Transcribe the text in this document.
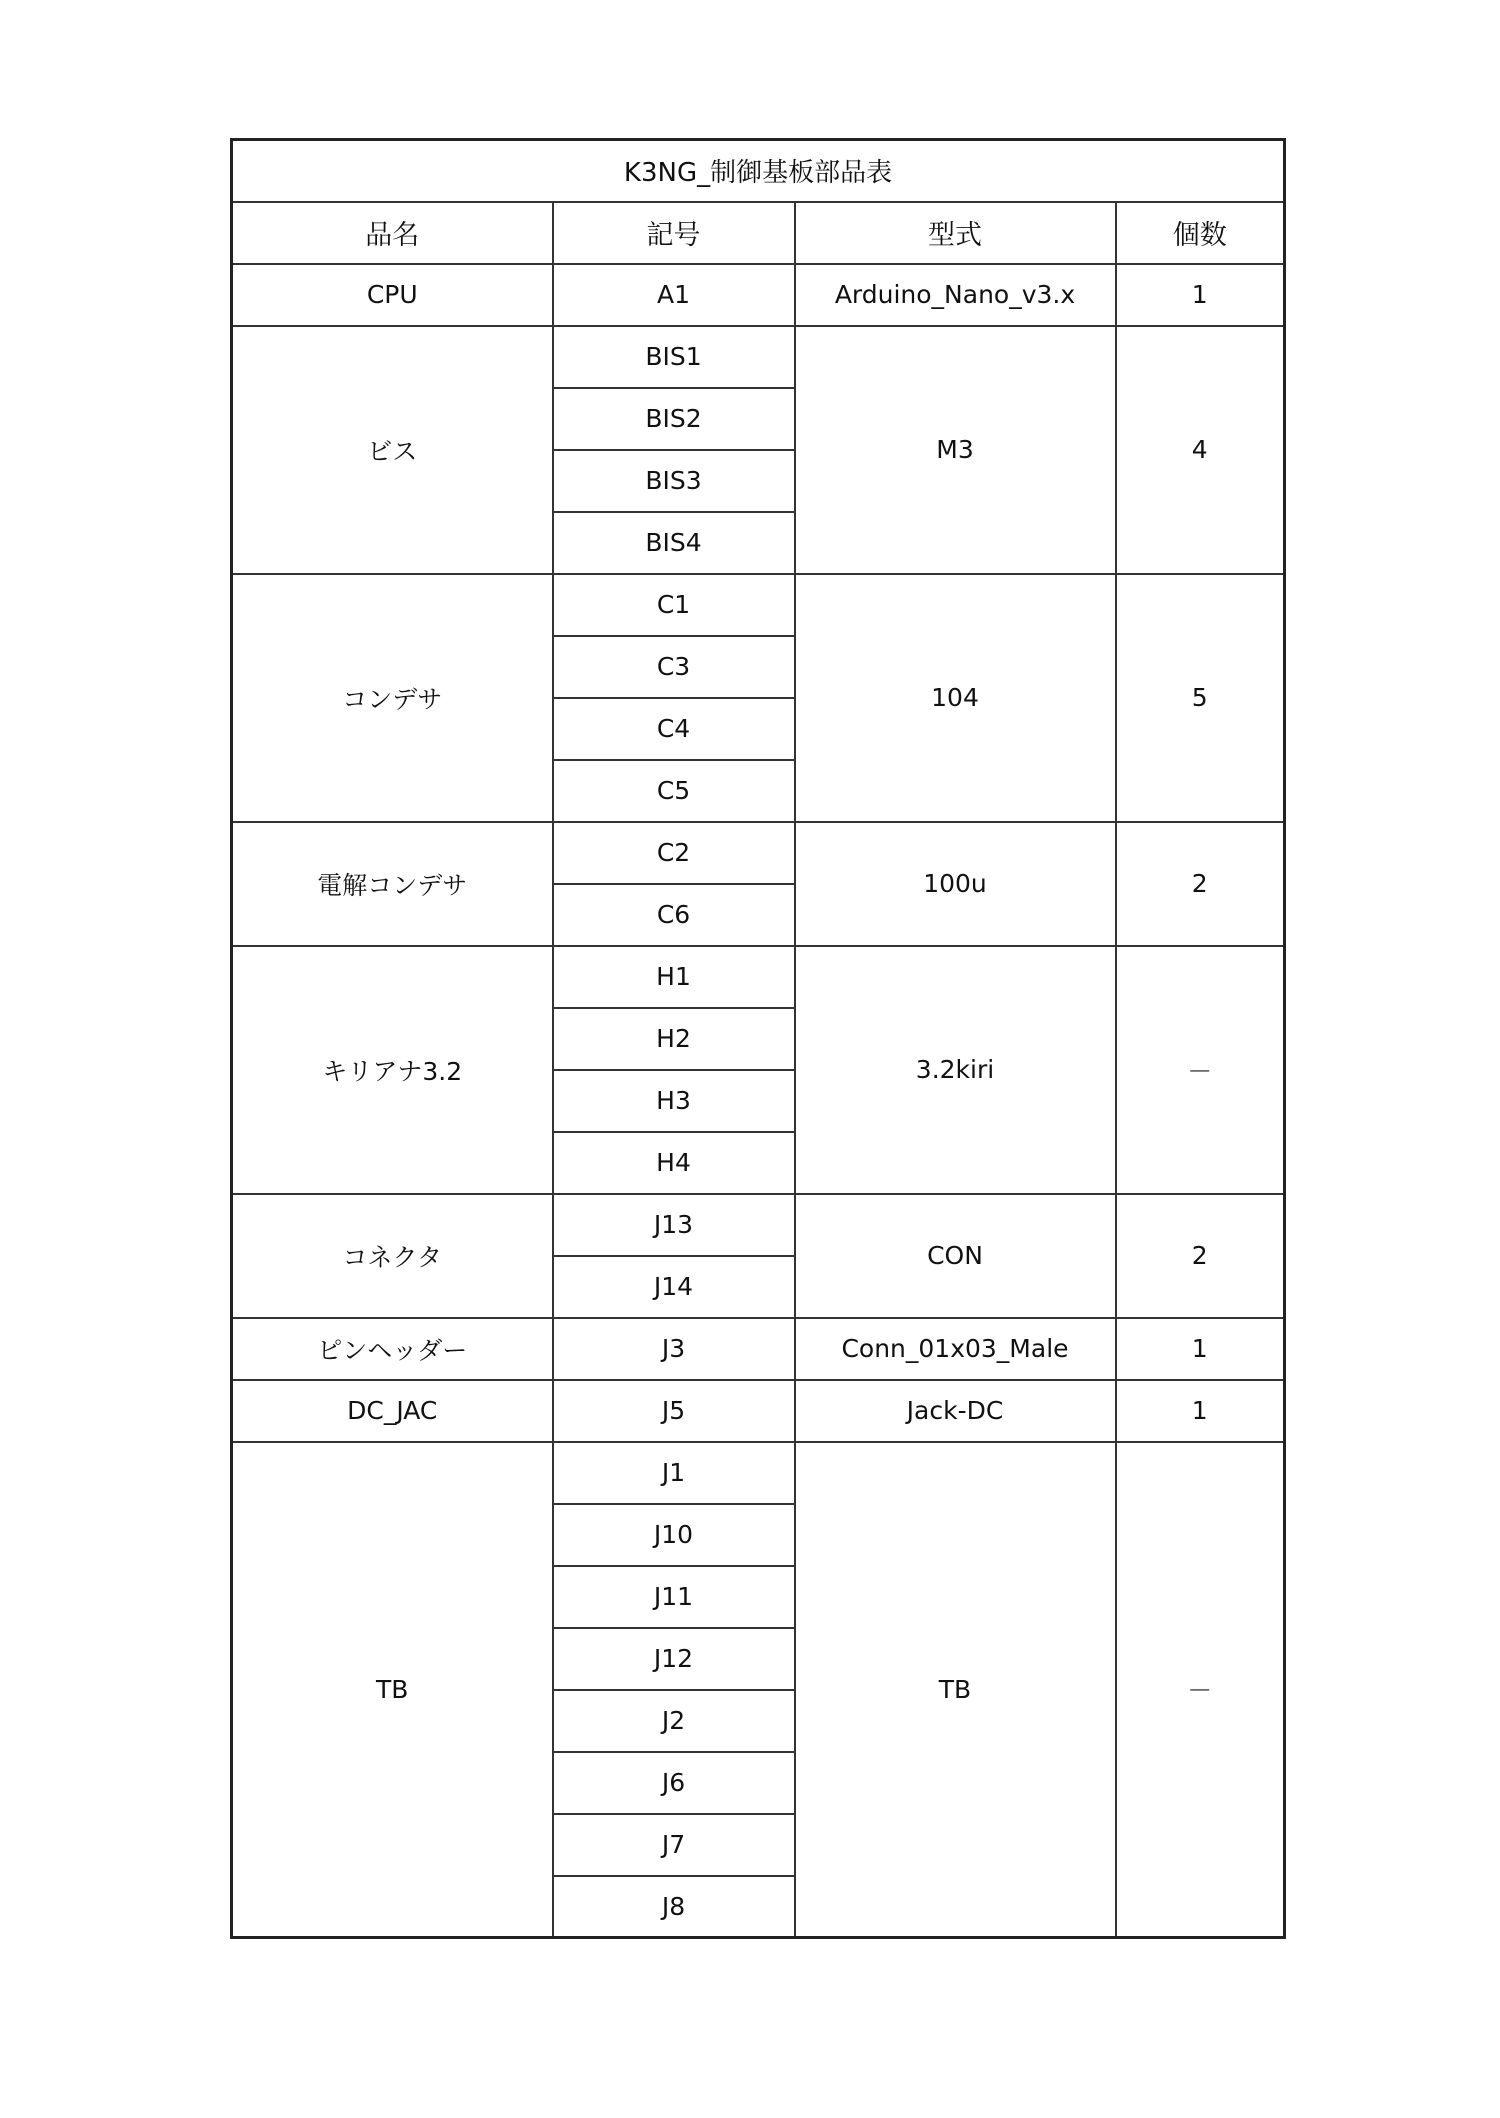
K3NG_制御基板部品表			
品名	記号	型式	個数
CPU	A1	Arduino_Nano_v3.x	1
ビス	BIS1	M3	4
	BIS2		
	BIS3		
	BIS4		
コンデサ	C1	104	5
	C3		
	C4		
	C5		
電解コンデサ	C2	100u	2
	C6		
キリアナ3.2	H1	3.2kiri	－
	H2		
	H3		
	H4		
コネクタ	J13	CON	2
	J14		
ピンヘッダー	J3	Conn_01x03_Male	1
DC_JAC	J5	Jack-DC	1
TB	J1	TB	－
	J10		
	J11		
	J12		
	J2		
	J6		
	J7		
	J8		
